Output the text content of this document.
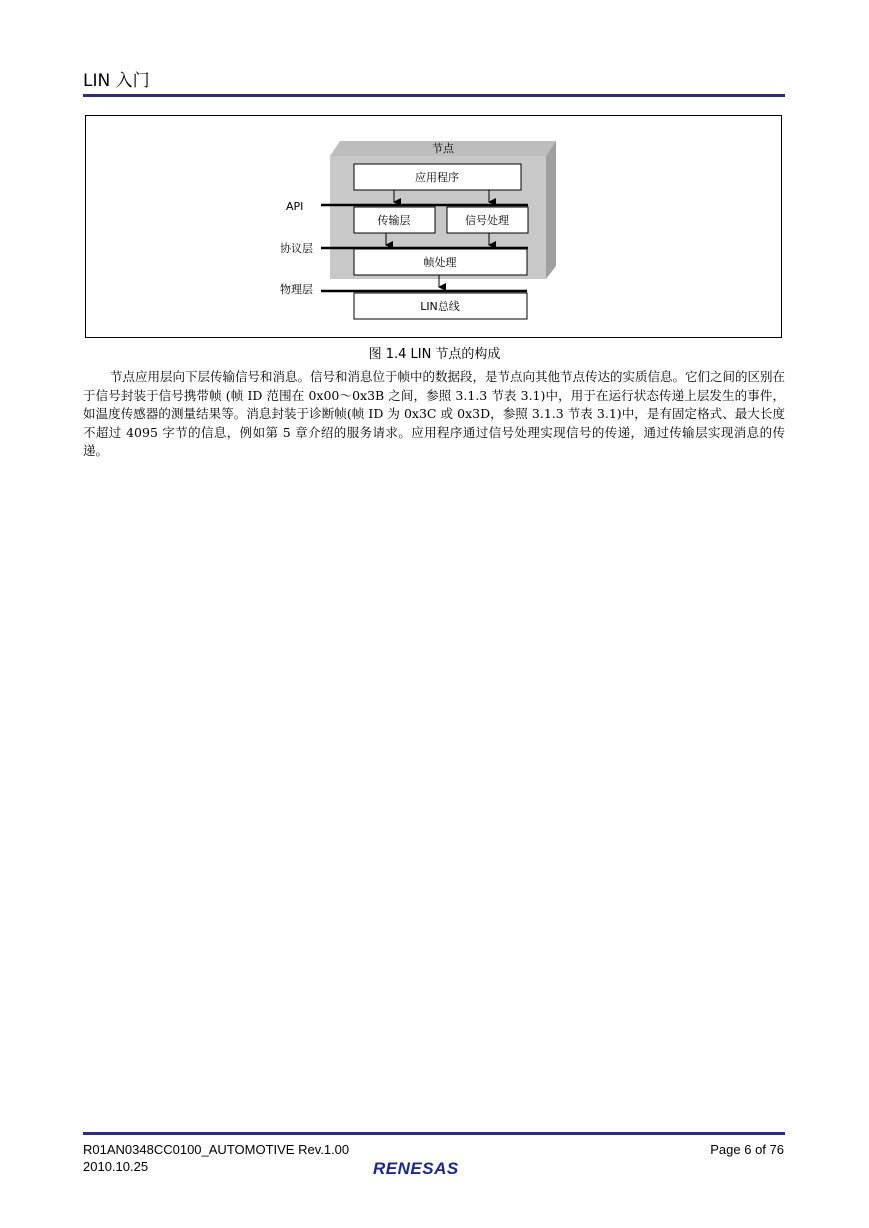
LIN 入门
节点
应用程序
API
传输层	信号处理
协议层
帧处理
物理层
LIN总线
图 1.4 LIN 节点的构成

节点应用层向下层传输信号和消息。信号和消息位于帧中的数据段，是节点向其他节点传达的实质信息。它们之间的区别在于信号封装于信号携带帧 (帧 ID 范围在 0x00～0x3B 之间，参照 3.1.3 节表 3.1)中，用于在运行状态传递上层发生的事件，如温度传感器的测量结果等。消息封装于诊断帧(帧 ID 为 0x3C 或 0x3D，参照 3.1.3 节表 3.1)中，是有固定格式、最大长度不超过 4095 字节的信息，例如第 5 章介绍的服务请求。应用程序通过信号处理实现信号的传递，通过传输层实现消息的传递。

R01AN0348CC0100_AUTOMOTIVE Rev.1.00
2010.10.25
Page 6 of 76
RENESAS
